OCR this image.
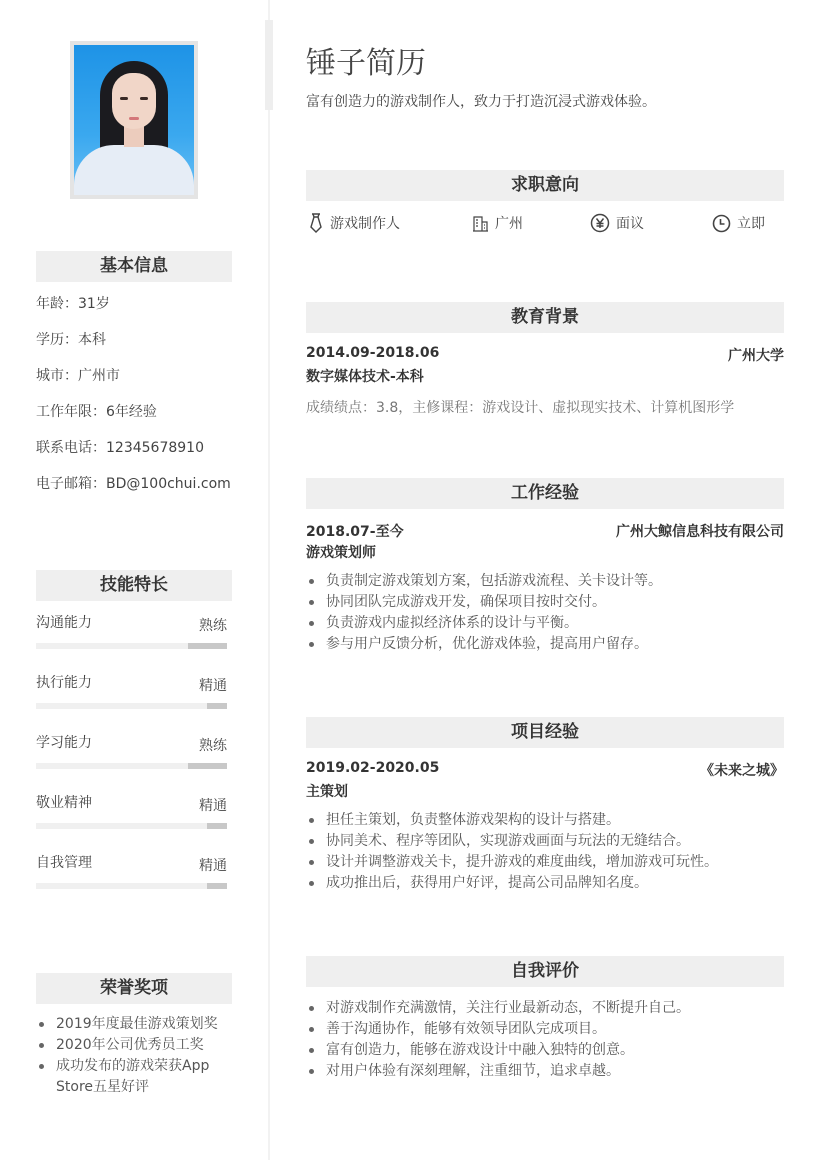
基本信息
年龄：31岁
学历：本科
城市：广州市
工作年限：6年经验
联系电话：12345678910
电子邮箱：BD@100chui.com
技能特长
沟通能力	熟练
执行能力	精通
学习能力	熟练
敬业精神	精通
自我管理	精通
荣誉奖项
2019年度最佳游戏策划奖
2020年公司优秀员工奖
成功发布的游戏荣获App Store五星好评
锤子简历
富有创造力的游戏制作人，致力于打造沉浸式游戏体验。
求职意向
游戏制作人	广州	面议	立即
教育背景
2014.09-2018.06	广州大学
数字媒体技术-本科
成绩绩点：3.8，主修课程：游戏设计、虚拟现实技术、计算机图形学
工作经验
2018.07-至今	广州大鲸信息科技有限公司
游戏策划师
负责制定游戏策划方案，包括游戏流程、关卡设计等。
协同团队完成游戏开发，确保项目按时交付。
负责游戏内虚拟经济体系的设计与平衡。
参与用户反馈分析，优化游戏体验，提高用户留存。
项目经验
2019.02-2020.05	《未来之城》
主策划
担任主策划，负责整体游戏架构的设计与搭建。
协同美术、程序等团队，实现游戏画面与玩法的无缝结合。
设计并调整游戏关卡，提升游戏的难度曲线，增加游戏可玩性。
成功推出后，获得用户好评，提高公司品牌知名度。
自我评价
对游戏制作充满激情，关注行业最新动态，不断提升自己。
善于沟通协作，能够有效领导团队完成项目。
富有创造力，能够在游戏设计中融入独特的创意。
对用户体验有深刻理解，注重细节，追求卓越。
